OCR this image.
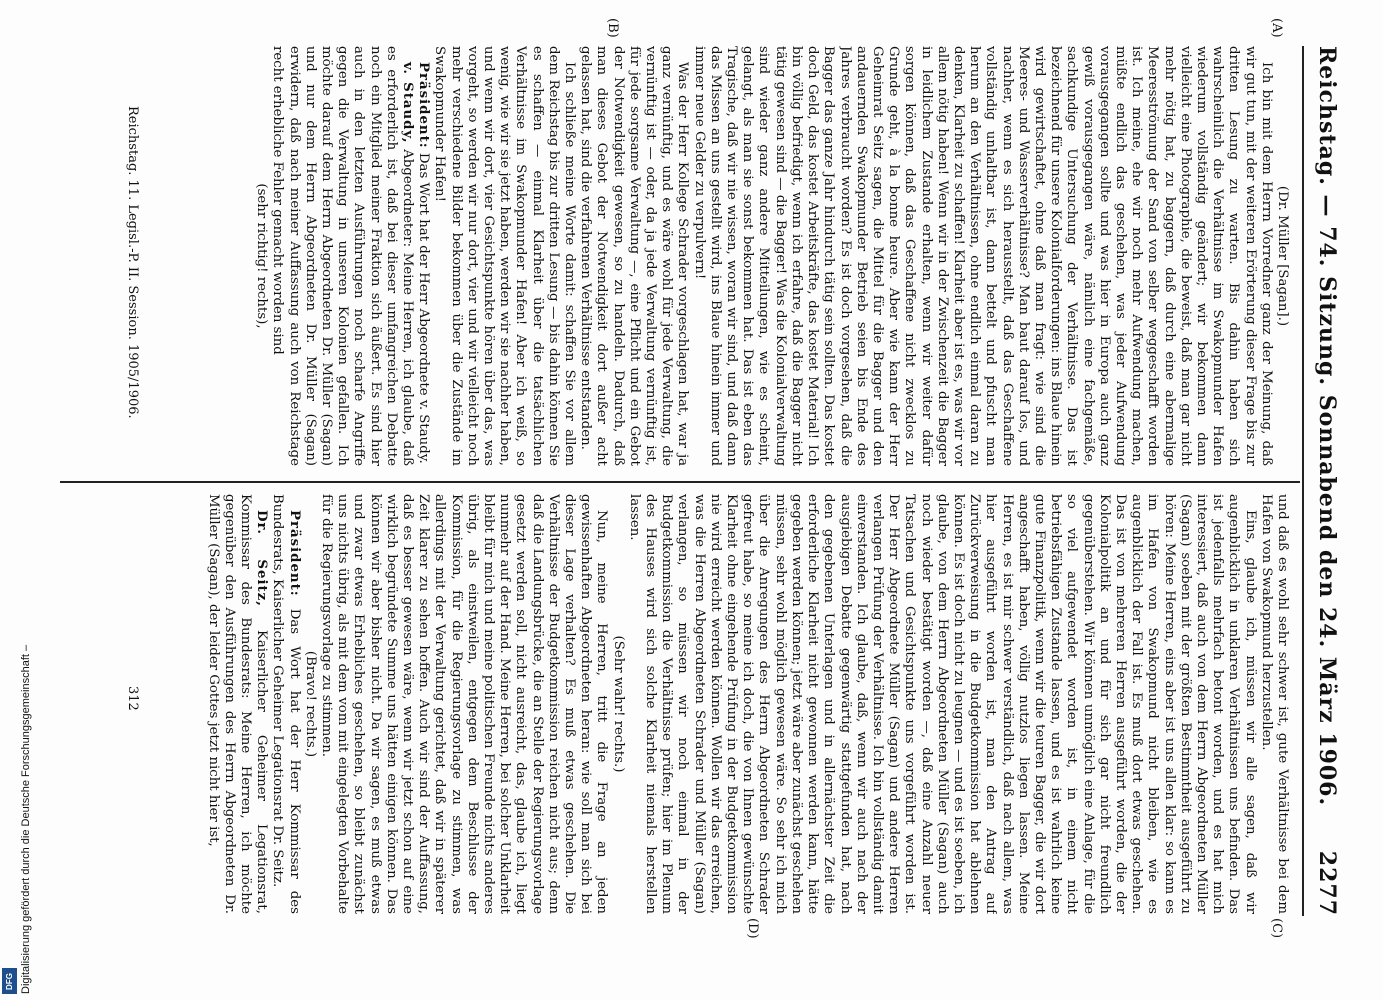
Reichstag. — 74. Sitzung. Sonnabend den 24. März 1906.
2277
(A)
(B)
(C)
(D)

(Dr. Müller [Sagan].)

Ich bin mit dem Herrn Vorredner ganz der Meinung, daß wir gut tun, mit der weiteren Erörterung dieser Frage bis zur dritten Lesung zu warten. Bis dahin haben sich wahrscheinlich die Verhältnisse im Swakopmunder Hafen wiederum vollständig geändert; wir bekommen dann vielleicht eine Photographie, die beweist, daß man gar nicht mehr nötig hat, zu baggern, daß durch eine abermalige Meeresströmung der Sand von selber weggeschafft worden ist. Ich meine, ehe wir noch mehr Aufwendung machen, müßte endlich das geschehen, was jeder Aufwendung vorausgegangen sollte und was hier in Europa auch ganz gewiß vorausgegangen wäre, nämlich eine fachgemäße, sachkundige Untersuchung der Verhältnisse. Das ist bezeichnend für unsere Kolonialforderungen: ins Blaue hinein wird gewirtschaftet, ohne daß man fragt: wie sind die Meeres- und Wasserverhältnisse? Man baut darauf los, und nachher, wenn es sich herausstellt, daß das Geschaffene vollständig unhaltbar ist, dann bettelt und pfuscht man herum an den Verhältnissen, ohne endlich einmal daran zu denken, Klarheit zu schaffen! Klarheit aber ist es, was wir vor allem nötig haben! Wenn wir in der Zwischenzeit die Bagger in leidlichem Zustande erhalten, wenn wir weiter dafür sorgen können, daß das Geschaffene nicht zwecklos zu Grunde geht, à la bonne heure. Aber wie kann der Herr Geheimrat Seitz sagen, die Mittel für die Bagger und den andauernden Swakopmunder Betrieb seien bis Ende des Jahres verbraucht worden? Es ist doch vorgesehen, daß die Bagger das ganze Jahr hindurch tätig sein sollten. Das kostet doch Geld, das kostet Arbeitskräfte, das kostet Material! Ich bin völlig befriedigt, wenn ich erfahre, daß die Bagger nicht tätig gewesen sind — die Bagger! Was die Kolonialverwaltung sind wieder ganz andere Mitteilungen, wie es scheint, gelangt, als man sie sonst bekommen hat. Das ist eben das Tragische, daß wir nie wissen, woran wir sind, und daß dann das Missen an uns gestellt wird, ins Blaue hinein immer und immer neue Gelder zu verpulvern!

Was der Herr Kollege Schrader vorgeschlagen hat, war ja ganz vernünftig, und es wäre wohl für jede Verwaltung, die vernünftig ist — oder, da ja jede Verwaltung vernünftig ist, für jede sorgsame Verwaltung —, eine Pflicht und ein Gebot der Notwendigkeit gewesen, so zu handeln. Dadurch, daß man dieses Gebot der Notwendigkeit dort außer acht gelassen hat, sind die verfahrenen Verhältnisse entstanden.

Ich schließe meine Worte damit: schaffen Sie vor allem dem Reichstag bis zur dritten Lesung — bis dahin können Sie es schaffen — einmal Klarheit über die tatsächlichen Verhältnisse im Swakopmunder Hafen! Aber ich weiß, so wenig, wie wir sie jetzt haben, werden wir sie nachher haben, und wenn wir dort, vier Gesichtspunkte hören über das, was vorgeht, so werden wir nur dort, vier und wir vielleicht noch mehr verschiedene Bilder bekommen über die Zustände im Swakopmunder Hafen!

Präsident: Das Wort hat der Herr Abgeordnete v. Staudy.

v. Staudy, Abgeordneter: Meine Herren, ich glaube, daß es erforderlich ist, daß bei dieser umfangreichen Debatte noch ein Mitglied meiner Fraktion sich äußert. Es sind hier auch in den letzten Ausführungen noch scharfe Angriffe gegen die Verwaltung in unseren Kolonien gefallen. Ich möchte darauf dem Herrn Abgeordneten Dr. Müller (Sagan) und nur dem Herrn Abgeordneten Dr. Müller (Sagan) erwidern, daß nach meiner Auffassung auch von Reichstage recht erhebliche Fehler gemacht worden sind

(sehr richtig! rechts),

und daß es wohl sehr schwer ist, gute Verhältnisse bei dem Hafen von Swakopmund herzustellen.

Eins, glaube ich, müssen wir alle sagen, daß wir augenblicklich in unklaren Verhältnissen uns befinden. Das ist jedenfalls mehrfach betont worden, und es hat mich interessiert, daß auch von dem Herrn Abgeordneten Müller (Sagan) soeben mit der größten Bestimmtheit ausgeführt zu hören: Meine Herren, eins aber ist uns allen klar: so kann es im Hafen von Swakopmund nicht bleiben, wie es augenblicklich der Fall ist. Es muß dort etwas geschehen. Das ist von mehreren Herren ausgeführt worden, die der Kolonialpolitik an und für sich gar nicht freundlich gegenüberstehen. Wir können unmöglich eine Anlage, für die so viel aufgewendet worden ist, in einem nicht betriebsfähigen Zustande lassen, und es ist wahrlich keine gute Finanzpolitik, wenn wir die teuren Bagger, die wir dort angeschafft haben, völlig nutzlos liegen lassen. Meine Herren, es ist mir schwer verständlich, daß nach allem, was hier ausgeführt worden ist, man den Antrag auf Zurückverweisung in die Budgetkommission hat ablehnen können. Es ist doch nicht zu leugnen — und es ist soeben, ich glaube, von dem Herrn Abgeordneten Müller (Sagan) auch noch wieder bestätigt worden —, daß eine Anzahl neuer Tatsachen und Gesichtspunkte uns vorgeführt worden ist. Der Herr Abgeordnete Müller (Sagan) und andere Herren verlangen Prüfung der Verhältnisse. Ich bin vollständig damit einverstanden. Ich glaube, daß, wenn wir auch nach der ausgiebigen Debatte gegenwärtig stattgefunden hat, nach den gegebenen Unterlagen und in allernächster Zeit die erforderliche Klarheit nicht gewonnen werden kann, hätte gegeben werden können; jetzt wäre aber zunächst geschehen müssen, sehr wohl möglich gewesen wäre. So sehr ich mich über die Anregungen des Herrn Abgeordneten Schrader gefreut habe, so meine ich doch, die von Ihnen gewünschte Klarheit ohne eingehende Prüfung in der Budgetkommission nie wird erreicht werden können. Wollen wir das erreichen, was die Herren Abgeordneten Schrader und Müller (Sagan) verlangen, so müssen wir noch einmal in der Budgetkommission die Verhältnisse prüfen; hier im Plenum des Hauses wird sich solche Klarheit niemals herstellen lassen.

(Sehr wahr! rechts.)

Nun, meine Herren, tritt die Frage an jeden gewissenhaften Abgeordneten heran: wie soll man sich bei dieser Lage verhalten? Es muß etwas geschehen. Die Verhältnisse der Budgetkommission reichen nicht aus; denn daß die Landungsbrücke, die an Stelle der Regierungsvorlage gesetzt werden soll, nicht ausreicht, das, glaube ich, liegt nunmehr auf der Hand. Meine Herren, bei solcher Unklarheit bleibt für mich und meine politischen Freunde nichts anderes übrig, als einstweilen, entgegen dem Beschlusse der Kommission, für die Regierungsvorlage zu stimmen, was allerdings mit der Verwaltung gerichtet, daß wir in späterer Zeit klarer zu sehen hoffen. Auch wir sind der Auffassung, daß es besser gewesen wäre, wenn wir jetzt schon auf eine wirklich begründete Summe uns hätten einigen können. Das können wir aber bisher nicht. Da wir sagen, es muß etwas und zwar etwas Erhebliches geschehen, so bleibt zunächst uns nichts übrig, als mit dem vom mit eingelegten Vorbehalte für die Regierungsvorlage zu stimmen.

(Bravo! rechts.)

Präsident: Das Wort hat der Herr Kommissar des Bundesrats, Kaiserlicher Geheimer Legationsrat Dr. Seitz.

Dr. Seitz, Kaiserlicher Geheimer Legationsrat, Kommissar des Bundesrats: Meine Herren, ich möchte gegenüber den Ausführungen des Herrn Abgeordneten Dr. Müller (Sagan), der leider Gottes jetzt nicht hier ist,

Reichstag. 11. Legisl.-P. II. Session. 1905/1906.
312
Digitalisierung gefördert durch die Deutsche Forschungsgemeinschaft –
DFG
